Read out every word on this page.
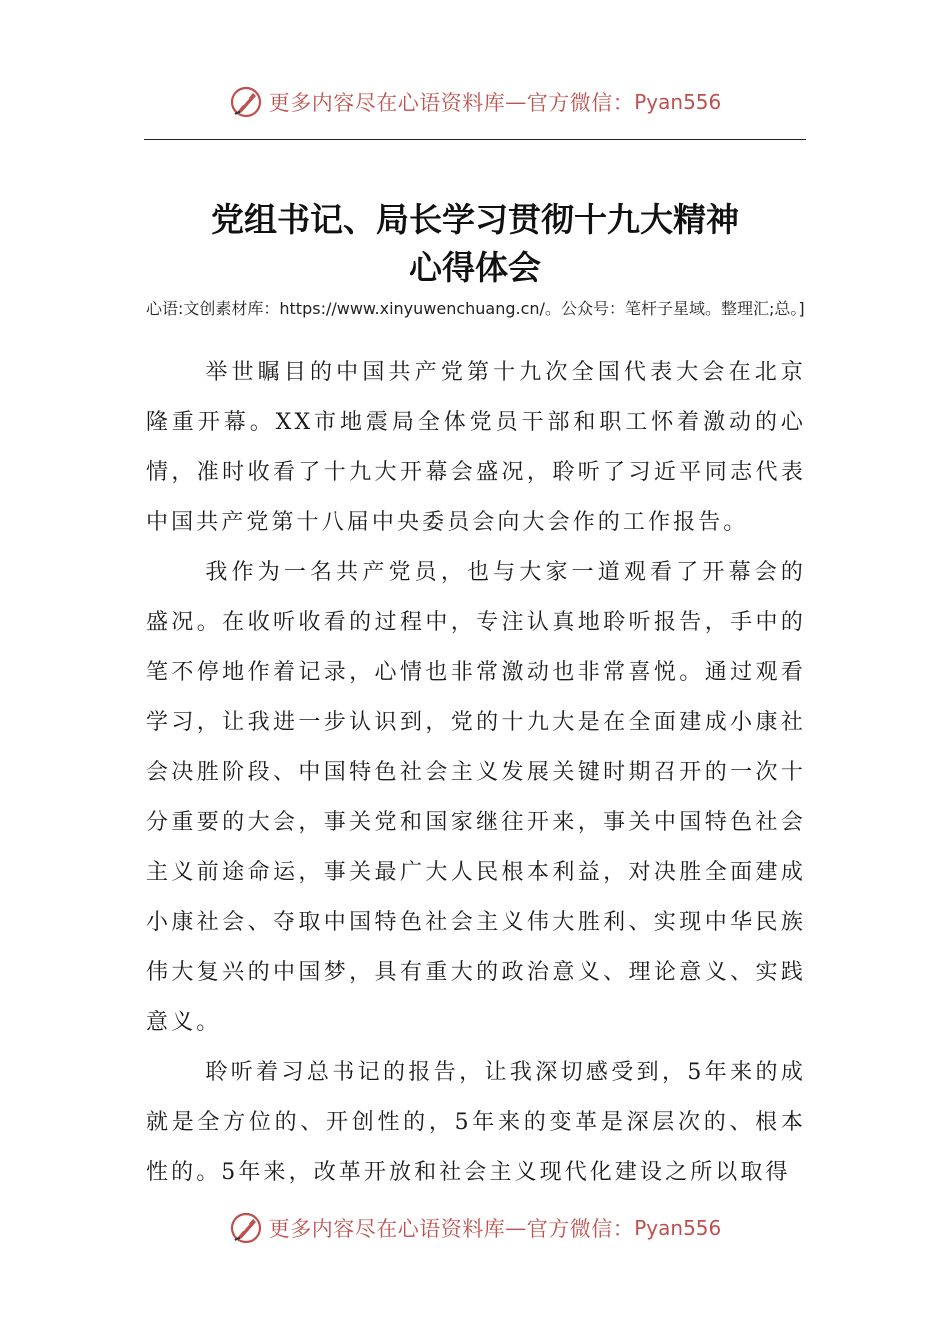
更多内容尽在心语资料库 — 官方微信： Pyan556
党组书记、局长学习贯彻十九大精神
心得体会
心语:文创素材库：https://www.xinyuwenchuang.cn/。公众号：笔杆子星域。整理汇;总。]

举世瞩目的中国共产党第十九次全国代表大会在北京隆重开幕。XX市地震局全体党员干部和职工怀着激动的心情，准时收看了十九大开幕会盛况，聆听了习近平同志代表中国共产党第十八届中央委员会向大会作的工作报告。

我作为一名共产党员，也与大家一道观看了开幕会的盛况。在收听收看的过程中，专注认真地聆听报告，手中的笔不停地作着记录，心情也非常激动也非常喜悦。通过观看学习，让我进一步认识到，党的十九大是在全面建成小康社会决胜阶段、中国特色社会主义发展关键时期召开的一次十分重要的大会，事关党和国家继往开来，事关中国特色社会主义前途命运，事关最广大人民根本利益，对决胜全面建成小康社会、夺取中国特色社会主义伟大胜利、实现中华民族伟大复兴的中国梦，具有重大的政治意义、理论意义、实践意义。

聆听着习总书记的报告，让我深切感受到，5年来的成就是全方位的、开创性的，5年来的变革是深层次的、根本性的。5年来，改革开放和社会主义现代化建设之所以取得

更多内容尽在心语资料库 — 官方微信： Pyan556
